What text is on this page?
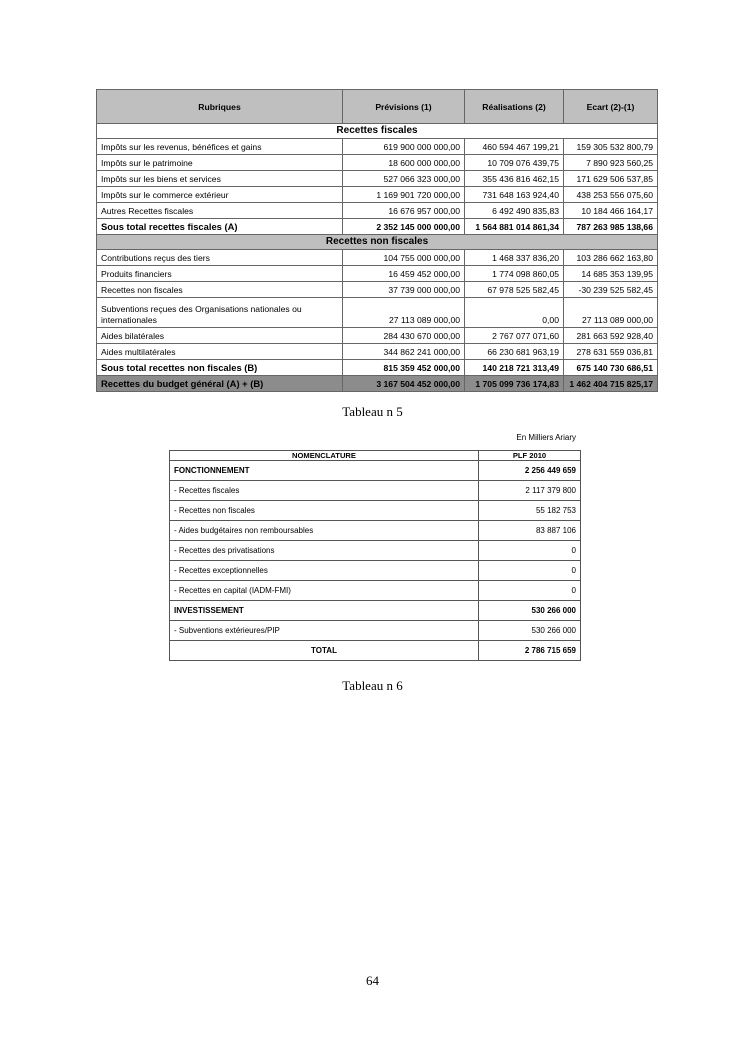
Rubriques	Prévisions (1)	Réalisations (2)	Ecart (2)-(1)
Recettes fiscales			
Impôts sur les revenus, bénéfices et gains	619 900 000 000,00	460 594 467 199,21	159 305 532 800,79
Impôts sur le patrimoine	18 600 000 000,00	10 709 076 439,75	7 890 923 560,25
Impôts sur les biens et services	527 066 323 000,00	355 436 816 462,15	171 629 506 537,85
Impôts sur le commerce extérieur	1 169 901 720 000,00	731 648 163 924,40	438 253 556 075,60
Autres Recettes fiscales	16 676 957 000,00	6 492 490 835,83	10 184 466 164,17
Sous total recettes fiscales (A)	2 352 145 000 000,00	1 564 881 014 861,34	787 263 985 138,66
Recettes non fiscales			
Contributions reçus des tiers	104 755 000 000,00	1 468 337 836,20	103 286 662 163,80
Produits financiers	16 459 452 000,00	1 774 098 860,05	14 685 353 139,95
Recettes non fiscales	37 739 000 000,00	67 978 525 582,45	-30 239 525 582,45
Subventions reçues des Organisations nationales ou internationales	27 113 089 000,00	0,00	27 113 089 000,00
Aides bilatérales	284 430 670 000,00	2 767 077 071,60	281 663 592 928,40
Aides multilatérales	344 862 241 000,00	66 230 681 963,19	278 631 559 036,81
Sous total recettes non fiscales (B)	815 359 452 000,00	140 218 721 313,49	675 140 730 686,51
Recettes du budget général (A) + (B)	3 167 504 452 000,00	1 705 099 736 174,83	1 462 404 715 825,17
Tableau n 5
En Milliers Ariary
NOMENCLATURE	PLF 2010
FONCTIONNEMENT	2 256 449 659
- Recettes fiscales	2 117 379 800
- Recettes non fiscales	55 182 753
- Aides budgétaires non remboursables	83 887 106
- Recettes des privatisations	0
- Recettes exceptionnelles	0
- Recettes en capital (IADM-FMI)	0
INVESTISSEMENT	530 266 000
- Subventions extérieures/PIP	530 266 000
TOTAL	2 786 715 659
Tableau n 6
64
